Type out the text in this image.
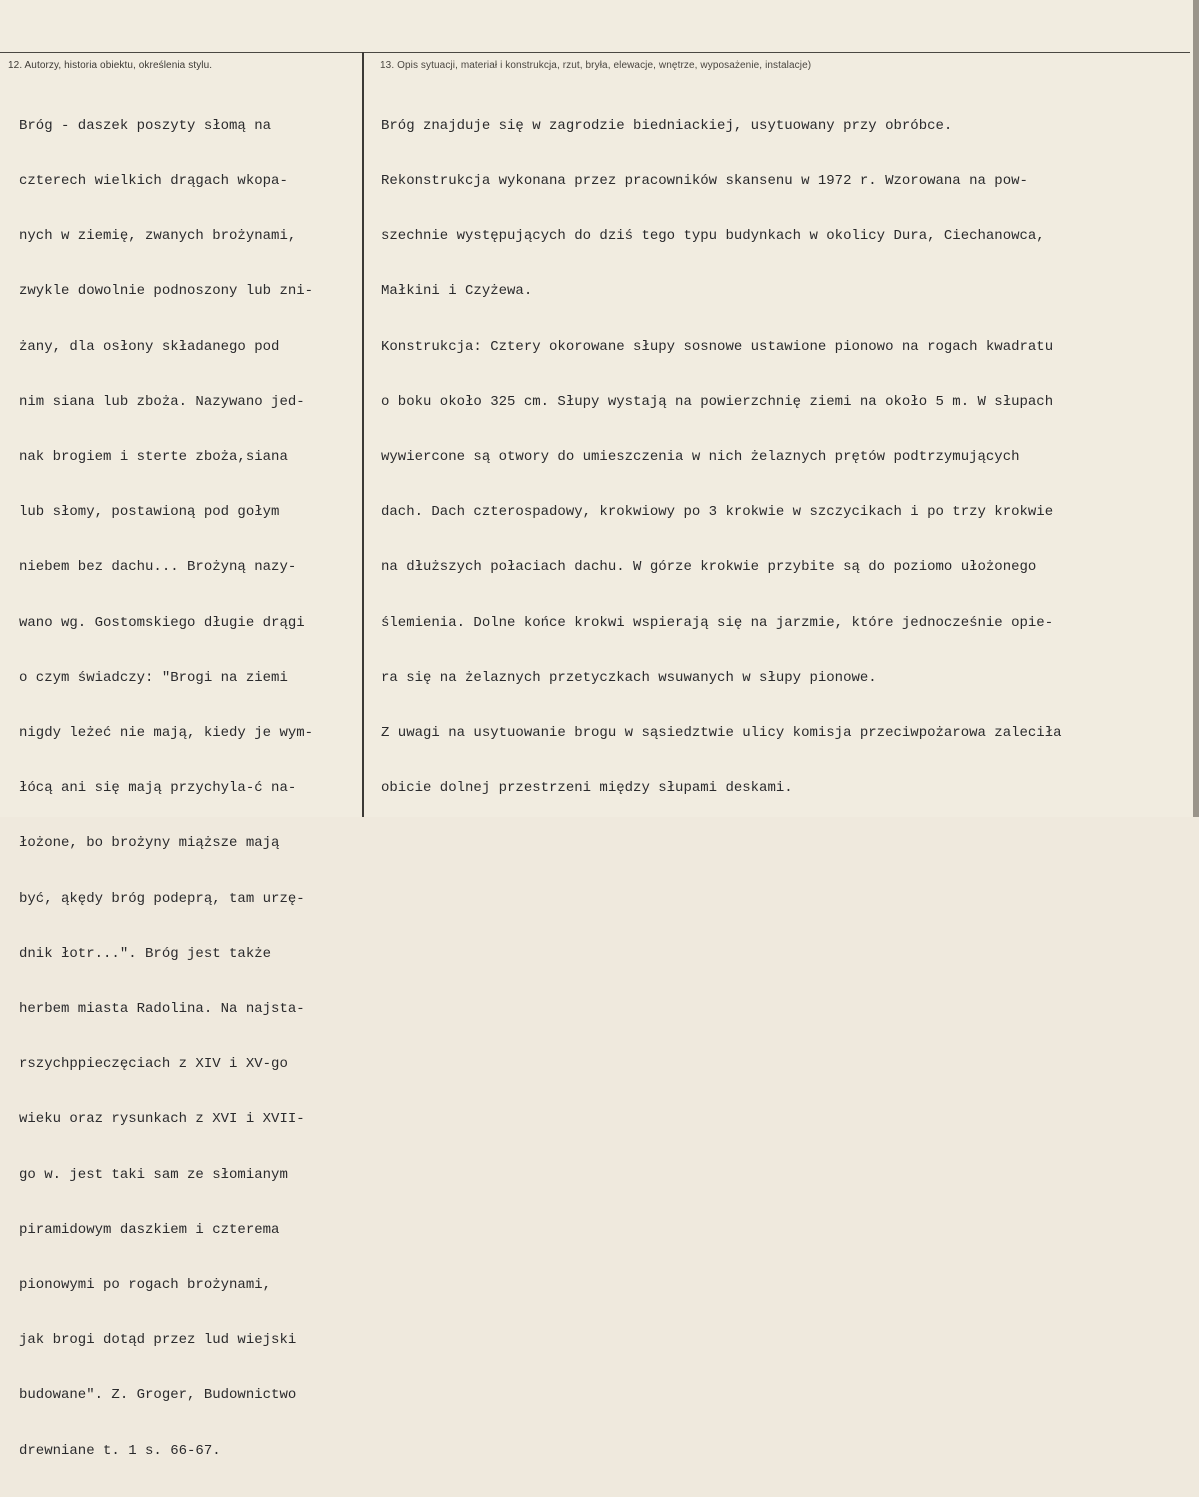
12. Autorzy, historia obiektu, określenia stylu.	13. Opis sytuacji, materiał i konstrukcja, rzut, bryła, elewacje, wnętrze, wyposażenie, instalacje)

Bróg - daszek poszyty słomą na

czterech wielkich drągach wkopa-

nych w ziemię, zwanych brożynami,

zwykle dowolnie podnoszony lub zni-

żany, dla osłony składanego pod

nim siana lub zboża. Nazywano jed-

nak brogiem i sterte zboża,siana

lub słomy, postawioną pod gołym

niebem bez dachu... Brożyną nazy-

wano wg. Gostomskiego długie drągi

o czym świadczy: "Brogi na ziemi

nigdy leżeć nie mają, kiedy je wym-

łócą ani się mają przychyla-ć na-

łożone, bo brożyny miąższe mają

być, ąkędy bróg podeprą, tam urzę-

dnik łotr...". Bróg jest także

herbem miasta Radolina. Na najsta-

rszychppieczęciach z XIV i XV-go

wieku oraz rysunkach z XVI i XVII-

go w. jest taki sam ze słomianym

piramidowym daszkiem i czterema

pionowymi po rogach brożynami,

jak brogi dotąd przez lud wiejski

budowane". Z. Groger, Budownictwo

drewniane t. 1 s. 66-67.

Bróg znajduje się w zagrodzie biedniackiej, usytuowany przy obróbce.

Rekonstrukcja wykonana przez pracowników skansenu w 1972 r. Wzorowana na pow-

szechnie występujących do dziś tego typu budynkach w okolicy Dura, Ciechanowca,

Małkini i Czyżewa.

Konstrukcja: Cztery okorowane słupy sosnowe ustawione pionowo na rogach kwadratu

o boku około 325 cm. Słupy wystają na powierzchnię ziemi na około 5 m. W słupach

wywiercone są otwory do umieszczenia w nich żelaznych prętów podtrzymujących

dach. Dach czterospadowy, krokwiowy po 3 krokwie w szczycikach i po trzy krokwie

na dłuższych połaciach dachu. W górze krokwie przybite są do poziomo ułożonego

ślemienia. Dolne końce krokwi wspierają się na jarzmie, które jednocześnie opie-

ra się na żelaznych przetyczkach wsuwanych w słupy pionowe.

Z uwagi na usytuowanie brogu w sąsiedztwie ulicy komisja przeciwpożarowa zaleciła

obicie dolnej przestrzeni między słupami deskami.
